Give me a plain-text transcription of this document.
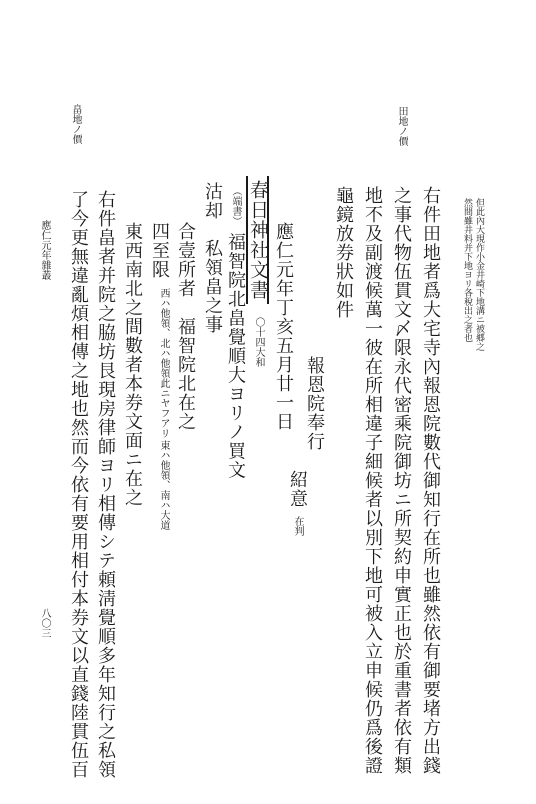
田地ノ價
畠地ノ價
應仁元年雜叢
八〇三
但此內大現作小金井崎下地溝ニ被郷之
然間雖井料并下地ヨリ各稅出之者也
右件田地者爲大宅寺內報恩院數代御知行在所也雖然依有御要堵方出錢
之事代物伍貫文〆限永代密乘院御坊ニ所契約申實正也於重書者依有類
地不及副渡候萬一彼在所相違子細候者以別下地可被入立申候仍爲後證
龜鏡放券狀如件
報恩院奉行
紹意
在判
應仁元年丁亥五月廿一日
春日神社文書 〇十四大和
（端書） 福智院北畠覺順大ヨリノ買文
沽却　私領畠之事
合壹所者　福智院北在之
四至限
東ハ他領、南ハ大道
西ハ他領、北ハ他領此ニヤフアリ
東西南北之間數者本券文面ニ在之
右件畠者并院之脇坊艮現房律師ヨリ相傳シテ頼淸覺順多年知行之私領
了今更無違亂煩相傳之地也然而今依有要用相付本券文以直錢陸貫伍百
